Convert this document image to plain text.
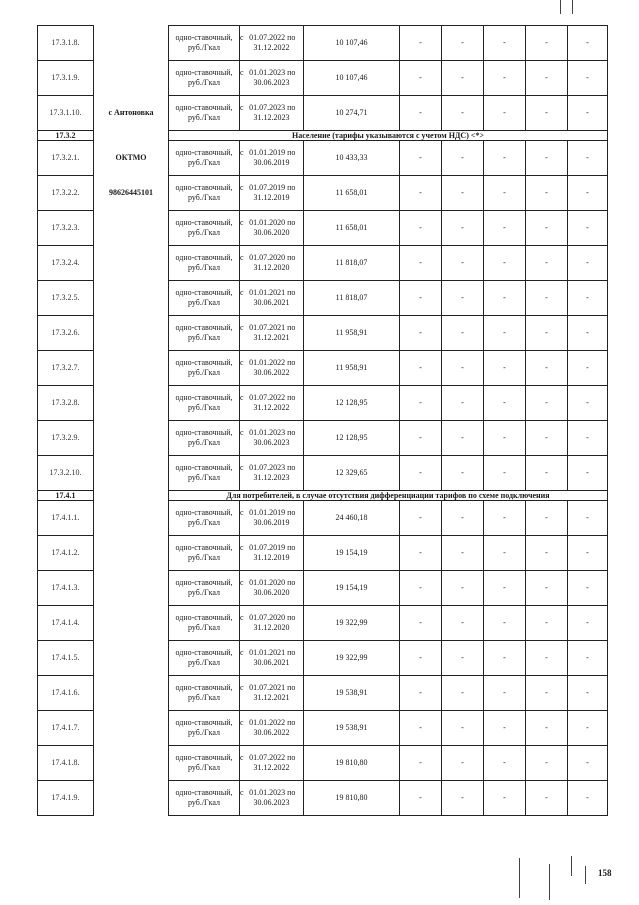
17.3.1.8.		одно-ставочный, руб./Гкал	с 01.07.2022 по 31.12.2022	10 107,46	-	-	-	-	-
17.3.1.9.		одно-ставочный, руб./Гкал	с 01.01.2023 по 30.06.2023	10 107,46	-	-	-	-	-
17.3.1.10.	с Антоновка	одно-ставочный, руб./Гкал	с 01.07.2023 по 31.12.2023	10 274,71	-	-	-	-	-
17.3.2		Население (тарифы указываются с учетом НДС) <*>							
17.3.2.1.	ОКТМО	одно-ставочный, руб./Гкал	с 01.01.2019 по 30.06.2019	10 433,33	-	-	-	-	-
17.3.2.2.	98626445101	одно-ставочный, руб./Гкал	с 01.07.2019 по 31.12.2019	11 658,01	-	-	-	-	-
17.3.2.3.		одно-ставочный, руб./Гкал	с 01.01.2020 по 30.06.2020	11 658,01	-	-	-	-	-
17.3.2.4.		одно-ставочный, руб./Гкал	с 01.07.2020 по 31.12.2020	11 818,07	-	-	-	-	-
17.3.2.5.		одно-ставочный, руб./Гкал	с 01.01.2021 по 30.06.2021	11 818,07	-	-	-	-	-
17.3.2.6.		одно-ставочный, руб./Гкал	с 01.07.2021 по 31.12.2021	11 958,91	-	-	-	-	-
17.3.2.7.		одно-ставочный, руб./Гкал	с 01.01.2022 по 30.06.2022	11 958,91	-	-	-	-	-
17.3.2.8.		одно-ставочный, руб./Гкал	с 01.07.2022 по 31.12.2022	12 128,95	-	-	-	-	-
17.3.2.9.		одно-ставочный, руб./Гкал	с 01.01.2023 по 30.06.2023	12 128,95	-	-	-	-	-
17.3.2.10.		одно-ставочный, руб./Гкал	с 01.07.2023 по 31.12.2023	12 329,65	-	-	-	-	-
17.4.1		Для потребителей, в случае отсутствия дифференциации тарифов по схеме подключения							
17.4.1.1.		одно-ставочный, руб./Гкал	с 01.01.2019 по 30.06.2019	24 460,18	-	-	-	-	-
17.4.1.2.		одно-ставочный, руб./Гкал	с 01.07.2019 по 31.12.2019	19 154,19	-	-	-	-	-
17.4.1.3.		одно-ставочный, руб./Гкал	с 01.01.2020 по 30.06.2020	19 154,19	-	-	-	-	-
17.4.1.4.		одно-ставочный, руб./Гкал	с 01.07.2020 по 31.12.2020	19 322,99	-	-	-	-	-
17.4.1.5.		одно-ставочный, руб./Гкал	с 01.01.2021 по 30.06.2021	19 322,99	-	-	-	-	-
17.4.1.6.		одно-ставочный, руб./Гкал	с 01.07.2021 по 31.12.2021	19 538,91	-	-	-	-	-
17.4.1.7.		одно-ставочный, руб./Гкал	с 01.01.2022 по 30.06.2022	19 538,91	-	-	-	-	-
17.4.1.8.		одно-ставочный, руб./Гкал	с 01.07.2022 по 31.12.2022	19 810,80	-	-	-	-	-
17.4.1.9.		одно-ставочный, руб./Гкал	с 01.01.2023 по 30.06.2023	19 810,80	-	-	-	-	-
158
